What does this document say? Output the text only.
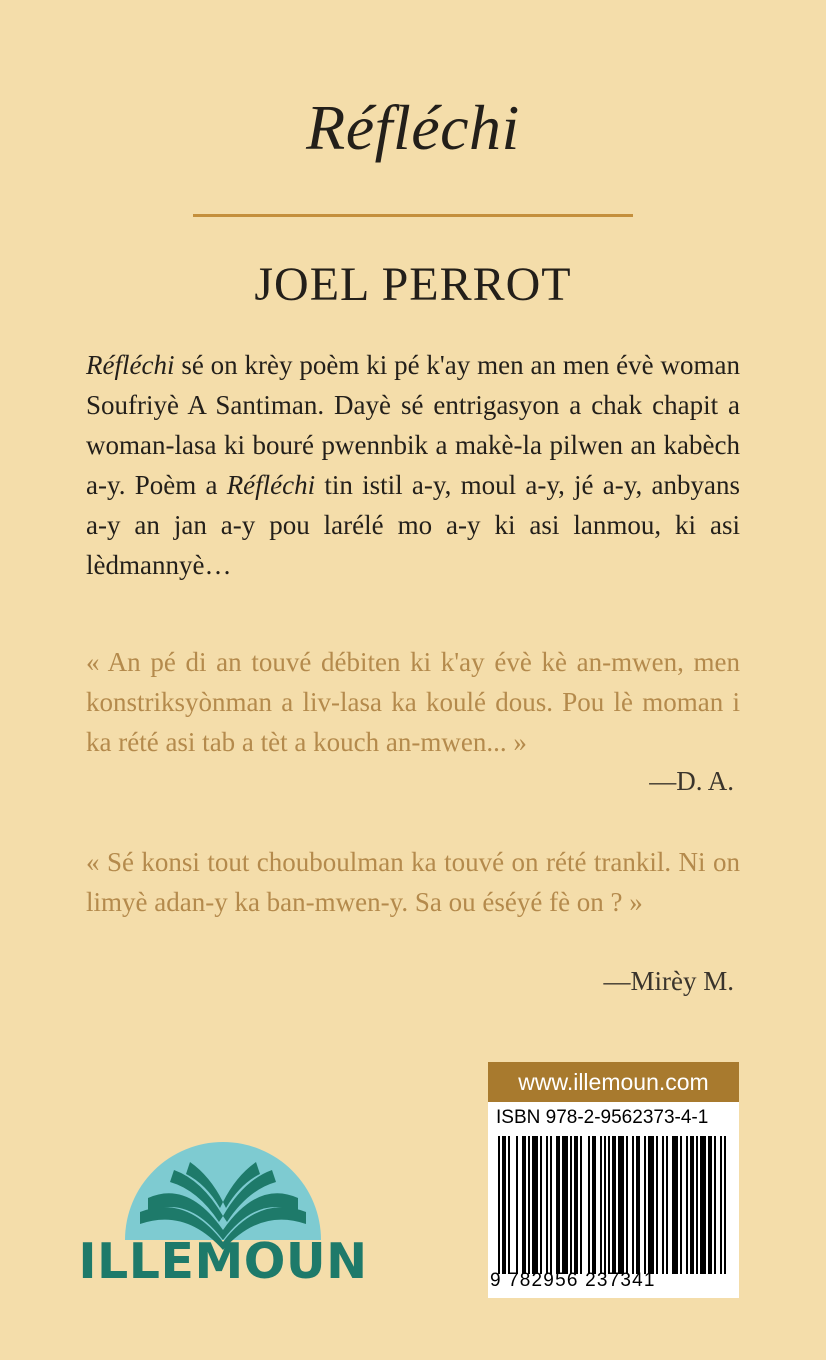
Réfléchi
JOEL PERROT
Réfléchi sé on krèy poèm ki pé k'ay men an men évè woman Soufriyè A Santiman. Dayè sé entrigasyon a chak chapit a woman-lasa ki bouré pwennbik a makè-la pilwen an kabèch a-y. Poèm a Réfléchi tin istil a-y, moul a-y, jé a-y, anbyans a-y an jan a-y pou larélé mo a-y ki asi lanmou, ki asi lèdmannyè…
« An pé di an touvé débiten ki k'ay évè kè an-mwen, men konstriksyònman a liv-lasa ka koulé dous. Pou lè moman i ka rété asi tab a tèt a kouch an-mwen... »
—D. A.
« Sé konsi tout chouboulman ka touvé on rété trankil. Ni on limyè adan-y ka ban-mwen-y. Sa ou éséyé fè on ? »
—Mirèy M.
ILLEMOUN
www.illemoun.com
ISBN 978-2-9562373-4-1
9 782956 237341
